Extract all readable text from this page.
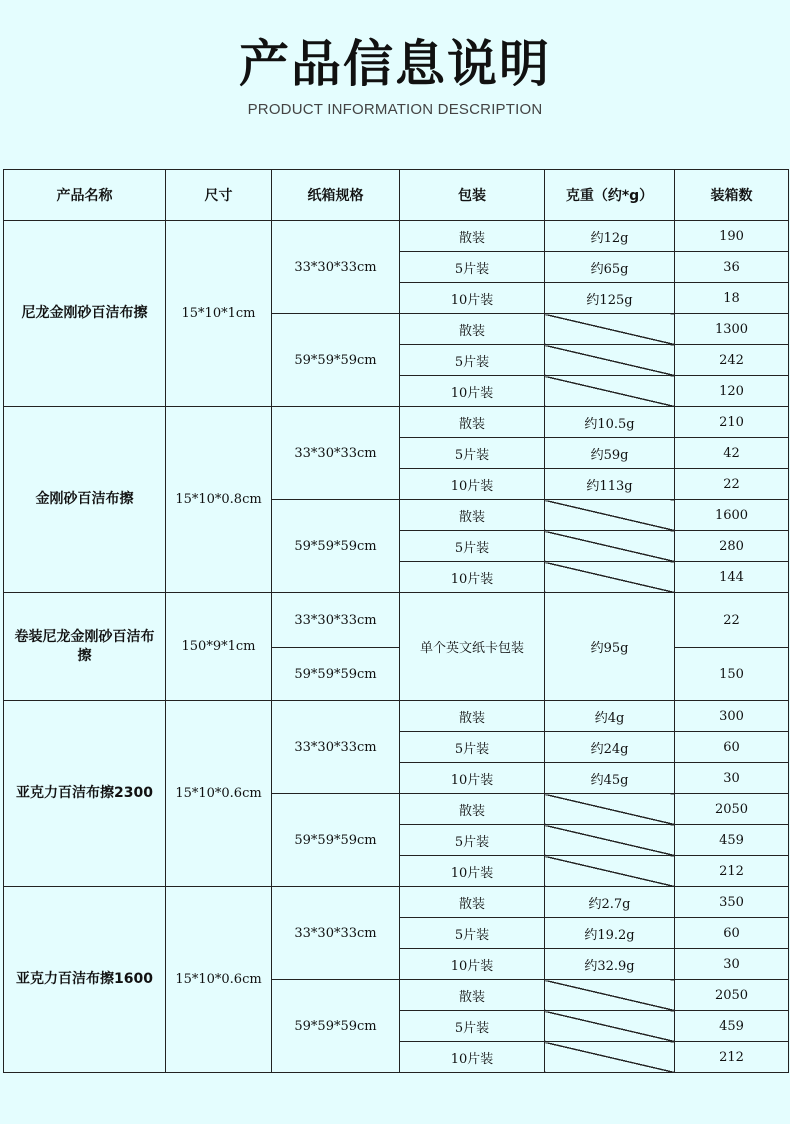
产品信息说明
PRODUCT INFORMATION DESCRIPTION
产品名称	尺寸	纸箱规格	包装	克重（约*g）	装箱数
尼龙金刚砂百洁布擦	15*10*1cm	33*30*33cm	散装	约12g	190
			5片装	约65g	36
			10片装	约125g	18
		59*59*59cm	散装		1300
			5片装		242
			10片装		120
金刚砂百洁布擦	15*10*0.8cm	33*30*33cm	散装	约10.5g	210
			5片装	约59g	42
			10片装	约113g	22
		59*59*59cm	散装		1600
			5片装		280
			10片装		144
卷装尼龙金刚砂百洁布擦	150*9*1cm	33*30*33cm	单个英文纸卡包装	约95g	22
		59*59*59cm			150
亚克力百洁布擦2300	15*10*0.6cm	33*30*33cm	散装	约4g	300
			5片装	约24g	60
			10片装	约45g	30
		59*59*59cm	散装		2050
			5片装		459
			10片装		212
亚克力百洁布擦1600	15*10*0.6cm	33*30*33cm	散装	约2.7g	350
			5片装	约19.2g	60
			10片装	约32.9g	30
		59*59*59cm	散装		2050
			5片装		459
			10片装		212
